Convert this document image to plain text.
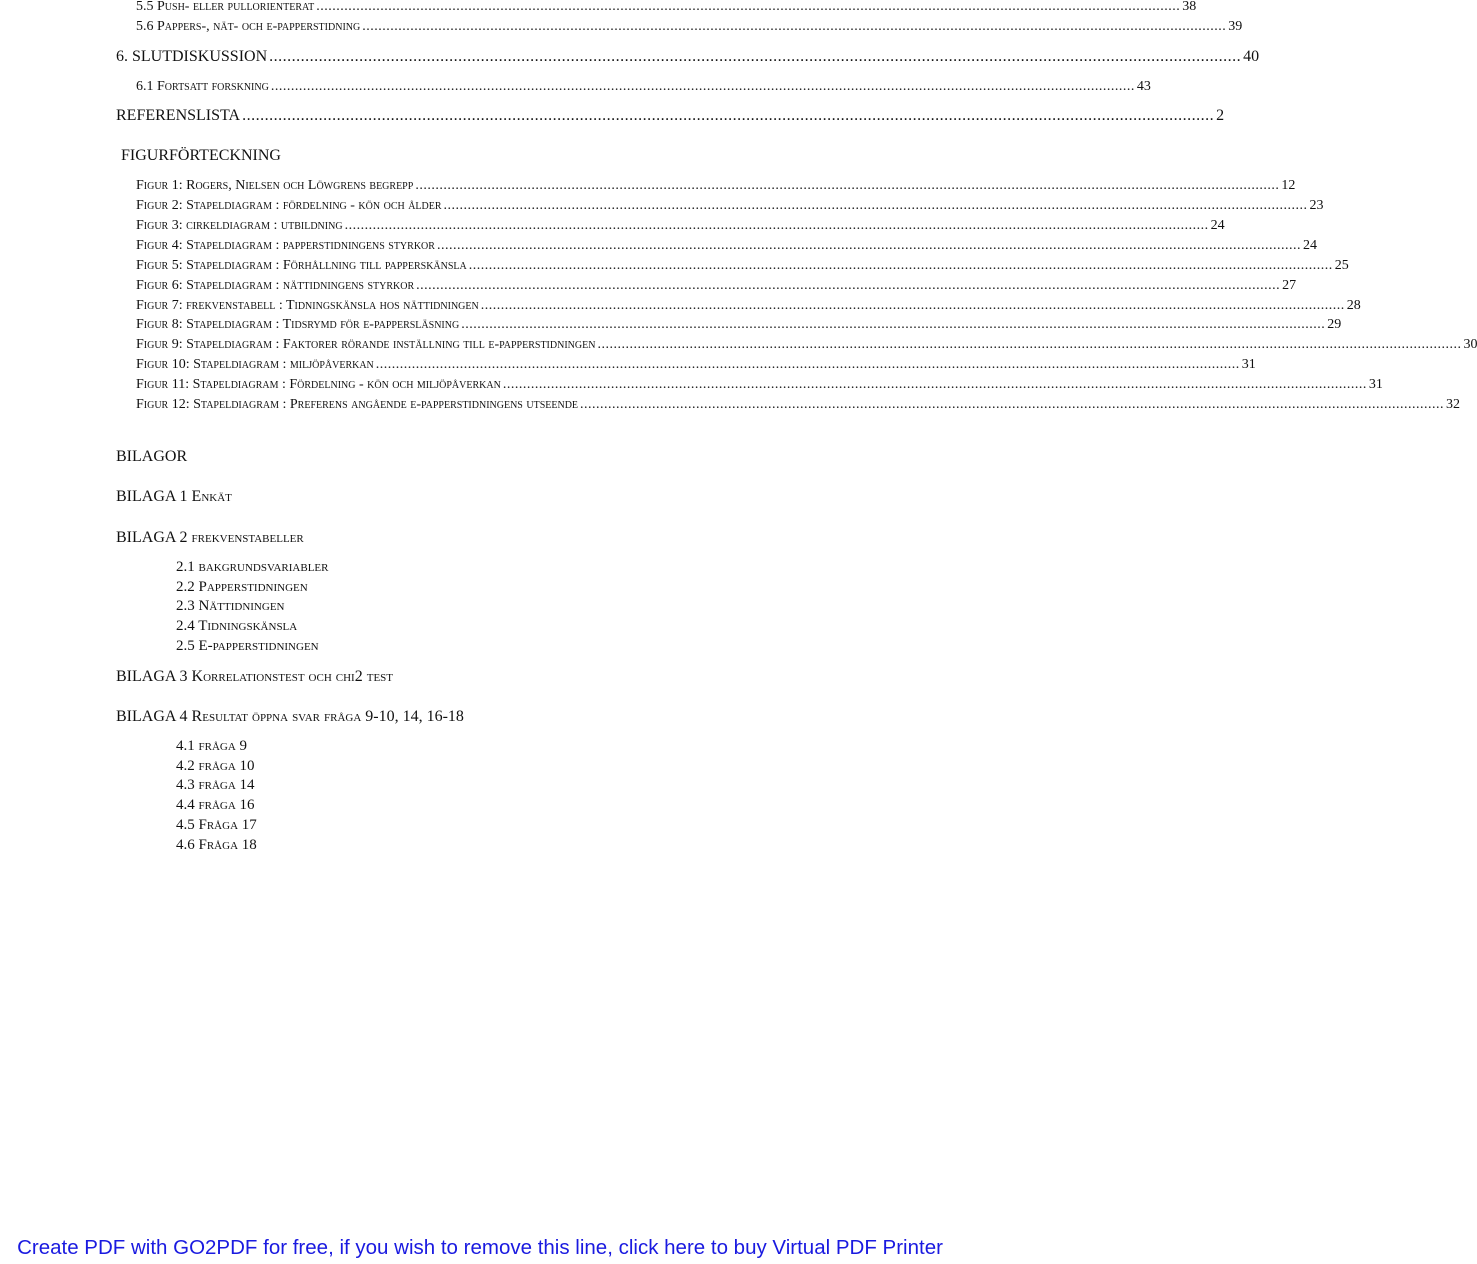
5.5 Push- eller pullorienterat ........................................................................................................................................................................................................................ 38
5.6 Pappers-, nät- och e-papperstidning ........................................................................................................................................................................................................................ 39
6. SLUTDISKUSSION ........................................................................................................................................................................................................................ 40
6.1 Fortsatt forskning ........................................................................................................................................................................................................................ 43
REFERENSLISTA ........................................................................................................................................................................................................................ 2
FIGURFÖRTECKNING
Figur 1: Rogers, Nielsen och Löwgrens begrepp ........................................................................................................................................................................................................................ 12
Figur 2: Stapeldiagram : fördelning - kön och ålder ........................................................................................................................................................................................................................ 23
Figur 3: cirkeldiagram : utbildning ........................................................................................................................................................................................................................ 24
Figur 4: Stapeldiagram : papperstidningens styrkor ........................................................................................................................................................................................................................ 24
Figur 5: Stapeldiagram : Förhållning till papperskänsla ........................................................................................................................................................................................................................ 25
Figur 6: Stapeldiagram : nättidningens styrkor ........................................................................................................................................................................................................................ 27
Figur 7: frekvenstabell : Tidningskänsla hos nättidningen ........................................................................................................................................................................................................................ 28
Figur 8: Stapeldiagram : Tidsrymd för e-pappersläsning ........................................................................................................................................................................................................................ 29
Figur 9: Stapeldiagram : Faktorer rörande inställning till e-papperstidningen ........................................................................................................................................................................................................................ 30
Figur 10: Stapeldiagram : miljöpåverkan ........................................................................................................................................................................................................................ 31
Figur 11: Stapeldiagram : Fördelning - kön och miljöpåverkan ........................................................................................................................................................................................................................ 31
Figur 12: Stapeldiagram : Preferens angående e-papperstidningens utseende ........................................................................................................................................................................................................................ 32
BILAGOR
BILAGA 1 Enkät
BILAGA 2 frekvenstabeller
2.1 bakgrundsvariabler
2.2 Papperstidningen
2.3 Nättidningen
2.4 Tidningskänsla
2.5 E-papperstidningen
BILAGA 3 Korrelationstest och chi2 test
BILAGA 4 Resultat öppna svar fråga 9-10, 14, 16-18
4.1 fråga 9
4.2 fråga 10
4.3 fråga 14
4.4 fråga 16
4.5 Fråga 17
4.6 Fråga 18
Create PDF with GO2PDF for free, if you wish to remove this line, click here to buy Virtual PDF Printer
